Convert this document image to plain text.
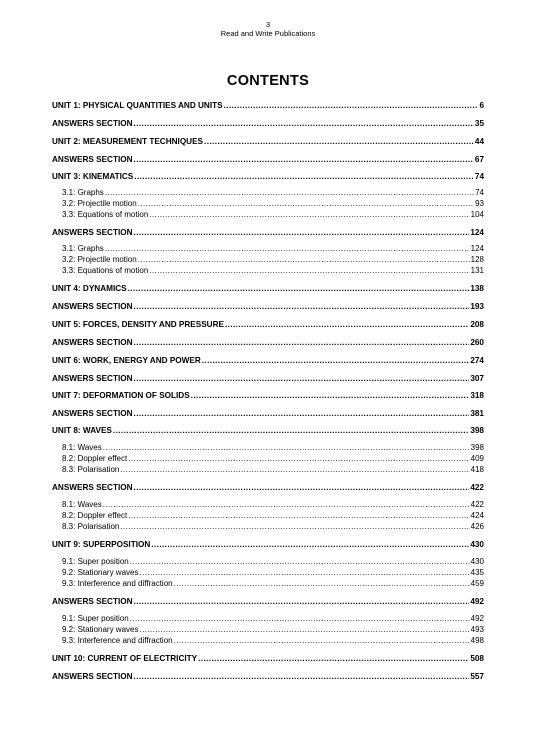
3
Read and Write Publications
CONTENTS
UNIT 1: PHYSICAL QUANTITIES AND UNITS .....	6
ANSWERS SECTION .....	35
UNIT 2: MEASUREMENT TECHNIQUES .....	44
ANSWERS SECTION .....	67
UNIT 3: KINEMATICS .....	74
3.1: Graphs .....	74
3.2: Projectile motion .....	93
3.3: Equations of motion .....	104
ANSWERS SECTION .....	124
3.1: Graphs .....	124
3.2: Projectile motion .....	128
3.3: Equations of motion .....	131
UNIT 4: DYNAMICS .....	138
ANSWERS SECTION .....	193
UNIT 5: FORCES, DENSITY AND PRESSURE .....	208
ANSWERS SECTION .....	260
UNIT 6: WORK, ENERGY AND POWER .....	274
ANSWERS SECTION .....	307
UNIT 7: DEFORMATION OF SOLIDS .....	318
ANSWERS SECTION .....	381
UNIT 8: WAVES .....	398
8.1: Waves .....	398
8.2: Doppler effect .....	409
8.3: Polarisation .....	418
ANSWERS SECTION .....	422
8.1: Waves .....	422
8.2: Doppler effect .....	424
8.3: Polarisation .....	426
UNIT 9: SUPERPOSITION .....	430
9.1: Super position .....	430
9.2: Stationary waves .....	435
9.3: Interference and diffraction .....	459
ANSWERS SECTION .....	492
9.1: Super position .....	492
9.2: Stationary waves .....	493
9.3: Interference and diffraction .....	498
UNIT 10: CURRENT OF ELECTRICITY .....	508
ANSWERS SECTION .....	557
